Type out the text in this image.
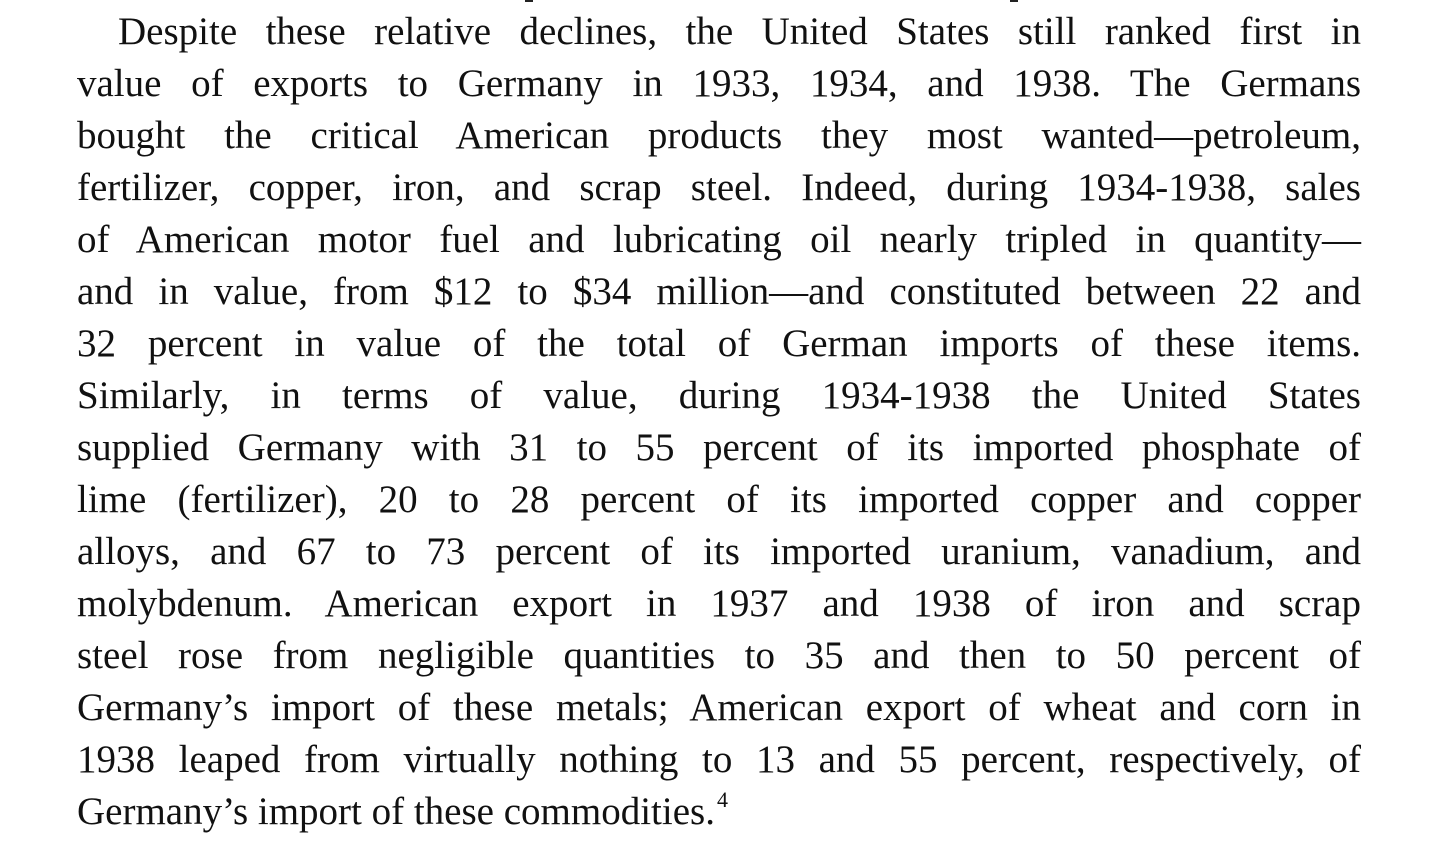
Despite these relative declines, the United States still ranked first in

value of exports to Germany in 1933, 1934, and 1938. The Germans

bought the critical American products they most wanted—petroleum,

fertilizer, copper, iron, and scrap steel. Indeed, during 1934-1938, sales

of American motor fuel and lubricating oil nearly tripled in quantity—

and in value, from $12 to $34 million—and constituted between 22 and

32 percent in value of the total of German imports of these items.

Similarly, in terms of value, during 1934-1938 the United States

supplied Germany with 31 to 55 percent of its imported phosphate of

lime (fertilizer), 20 to 28 percent of its imported copper and copper

alloys, and 67 to 73 percent of its imported uranium, vanadium, and

molybdenum. American export in 1937 and 1938 of iron and scrap

steel rose from negligible quantities to 35 and then to 50 percent of

Germany’s import of these metals; American export of wheat and corn in

1938 leaped from virtually nothing to 13 and 55 percent, respectively, of

Germany’s import of these commodities.$^4$
